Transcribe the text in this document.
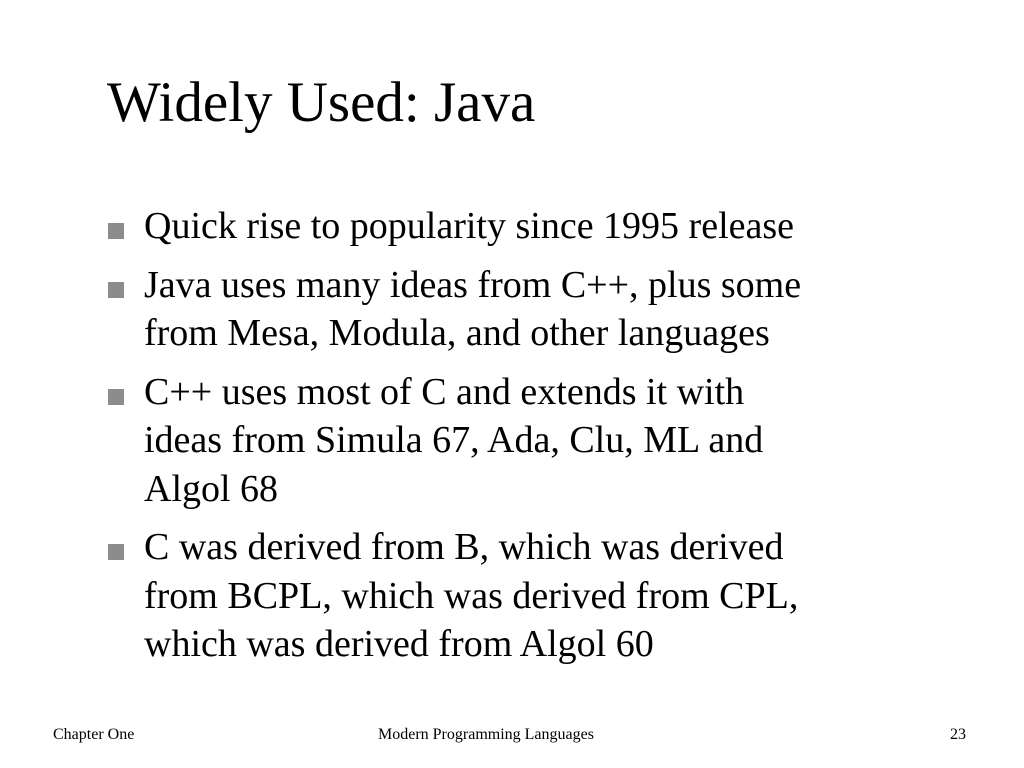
Widely Used: Java
Quick rise to popularity since 1995 release
Java uses many ideas from C++, plus some
from Mesa, Modula, and other languages
C++ uses most of C and extends it with
ideas from Simula 67, Ada, Clu, ML and
Algol 68
C was derived from B, which was derived
from BCPL, which was derived from CPL,
which was derived from Algol 60
Chapter One	Modern Programming Languages	23
